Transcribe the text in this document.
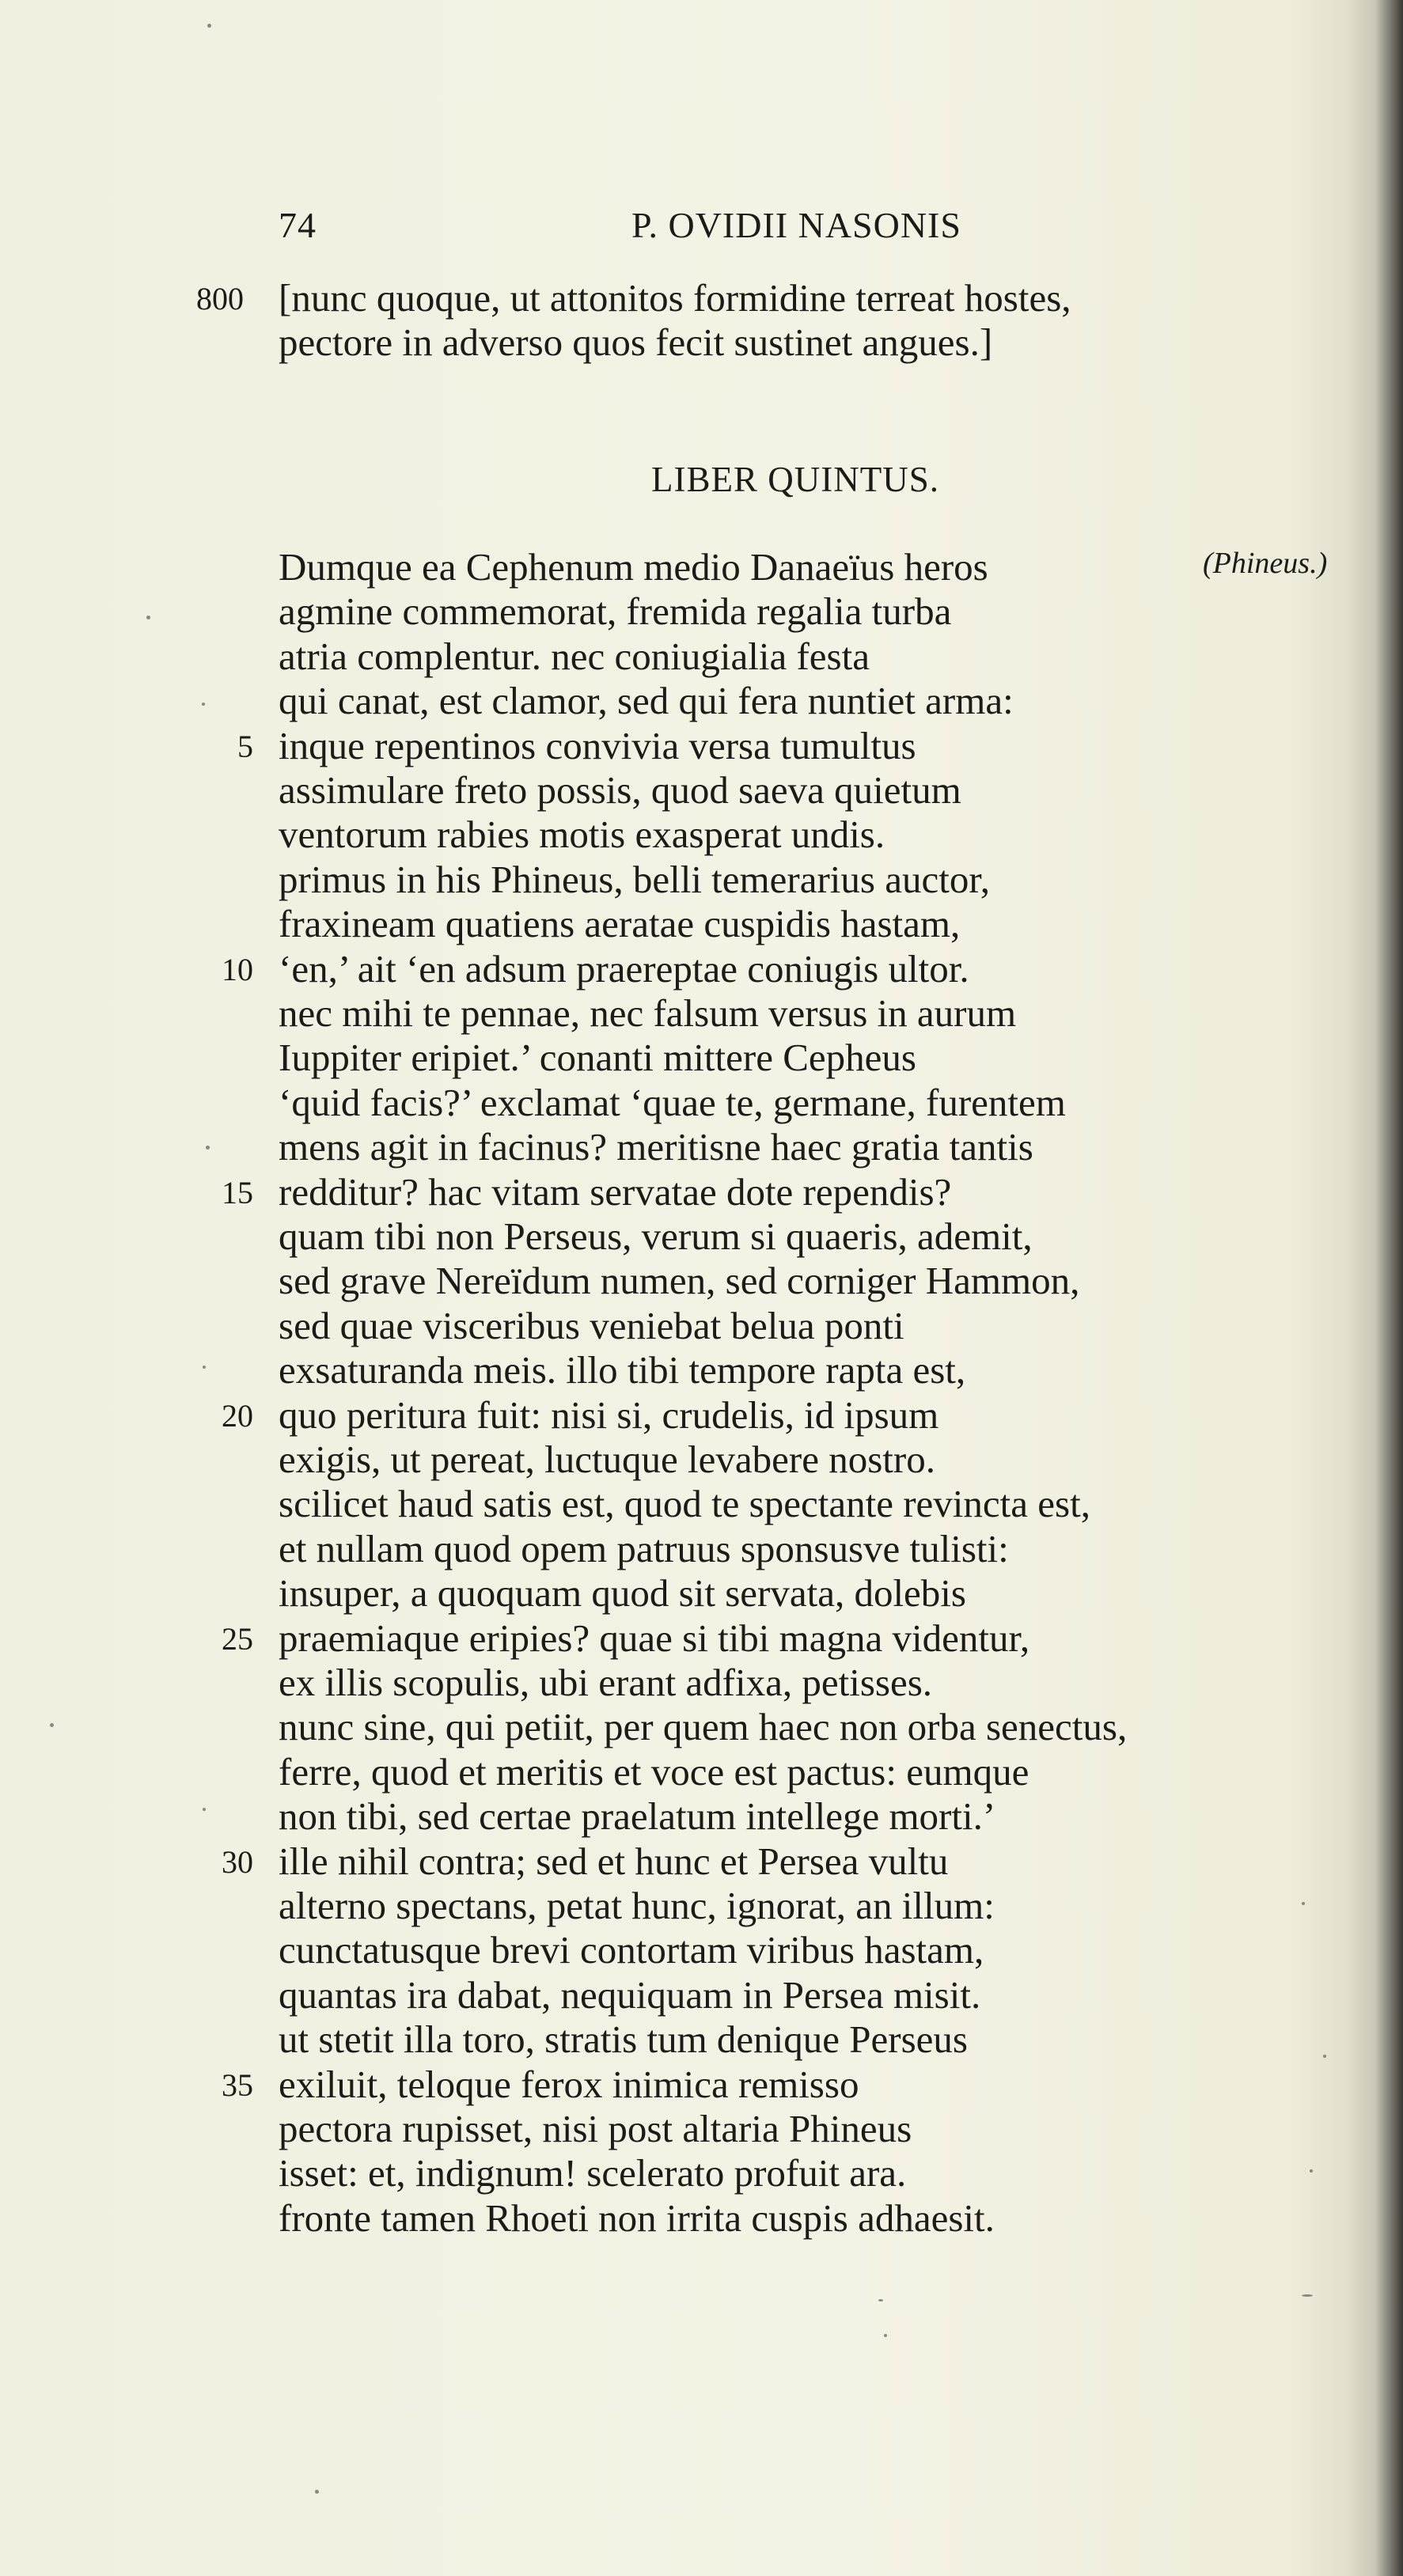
74	P. OVIDII NASONIS
800 [nunc quoque, ut attonitos formidine terreat hostes,
pectore in adverso quos fecit sustinet angues.]
LIBER QUINTUS.
(Phineus.)
Dumque ea Cephenum medio Danaeïus heros
agmine commemorat, fremida regalia turba
atria complentur. nec coniugialia festa
qui canat, est clamor, sed qui fera nuntiet arma:
5 inque repentinos convivia versa tumultus
assimulare freto possis, quod saeva quietum
ventorum rabies motis exasperat undis.
primus in his Phineus, belli temerarius auctor,
fraxineam quatiens aeratae cuspidis hastam,
10 ‘en,’ ait ‘en adsum praereptae coniugis ultor.
nec mihi te pennae, nec falsum versus in aurum
Iuppiter eripiet.’ conanti mittere Cepheus
‘quid facis?’ exclamat ‘quae te, germane, furentem
mens agit in facinus? meritisne haec gratia tantis
15 redditur? hac vitam servatae dote rependis?
quam tibi non Perseus, verum si quaeris, ademit,
sed grave Nereïdum numen, sed corniger Hammon,
sed quae visceribus veniebat belua ponti
exsaturanda meis. illo tibi tempore rapta est,
20 quo peritura fuit: nisi si, crudelis, id ipsum
exigis, ut pereat, luctuque levabere nostro.
scilicet haud satis est, quod te spectante revincta est,
et nullam quod opem patruus sponsusve tulisti:
insuper, a quoquam quod sit servata, dolebis
25 praemiaque eripies? quae si tibi magna videntur,
ex illis scopulis, ubi erant adfixa, petisses.
nunc sine, qui petiit, per quem haec non orba senectus,
ferre, quod et meritis et voce est pactus: eumque
non tibi, sed certae praelatum intellege morti.’
30 ille nihil contra; sed et hunc et Persea vultu
alterno spectans, petat hunc, ignorat, an illum:
cunctatusque brevi contortam viribus hastam,
quantas ira dabat, nequiquam in Persea misit.
ut stetit illa toro, stratis tum denique Perseus
35 exiluit, teloque ferox inimica remisso
pectora rupisset, nisi post altaria Phineus
isset: et, indignum! scelerato profuit ara.
fronte tamen Rhoeti non irrita cuspis adhaesit.
